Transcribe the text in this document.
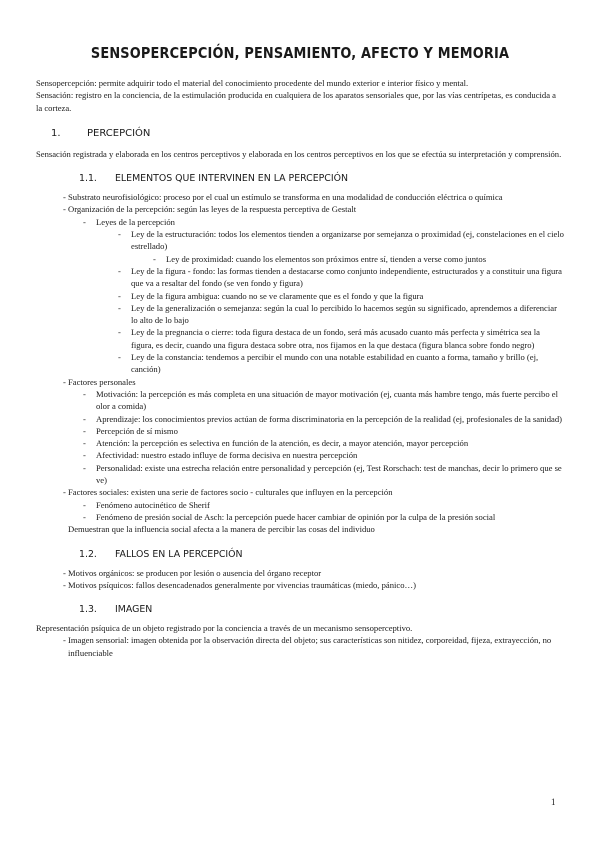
SENSOPERCEPCIÓN, PENSAMIENTO, AFECTO Y MEMORIA

Sensopercepción: permite adquirir todo el material del conocimiento procedente del mundo exterior e interior físico y mental.

Sensación: registro en la conciencia, de la estimulación producida en cualquiera de los aparatos sensoriales que, por las vías centrípetas, es conducida a la corteza.

1.	PERCEPCIÓN

Sensación registrada y elaborada en los centros perceptivos y elaborada en los centros perceptivos en los que se efectúa su interpretación y comprensión.

1.1. ELEMENTOS QUE INTERVINEN EN LA PERCEPCIÓN
- Substrato neurofisiológico: proceso por el cual un estímulo se transforma en una modalidad de conducción eléctrica o química
- Organización de la percepción: según las leyes de la respuesta perceptiva de Gestalt
- Leyes de la percepción
- Ley de la estructuración: todos los elementos tienden a organizarse por semejanza o proximidad (ej, constelaciones en el cielo estrellado)
- Ley de proximidad: cuando los elementos son próximos entre sí, tienden a verse como juntos
- Ley de la figura - fondo: las formas tienden a destacarse como conjunto independiente, estructurados y a constituir una figura que va a resaltar del fondo (se ven fondo y figura)
- Ley de la figura ambigua: cuando no se ve claramente que es el fondo y que la figura
- Ley de la generalización o semejanza: según la cual lo percibido lo hacemos según su significado, aprendemos a diferenciar lo alto de lo bajo
- Ley de la pregnancia o cierre: toda figura destaca de un fondo, será más acusado cuanto más perfecta y simétrica sea la figura, es decir, cuando una figura destaca sobre otra, nos fijamos en la que destaca (figura blanca sobre fondo negro)
- Ley de la constancia: tendemos a percibir el mundo con una notable estabilidad en cuanto a forma, tamaño y brillo (ej, canción)
- Factores personales
- Motivación: la percepción es más completa en una situación de mayor motivación (ej, cuanta más hambre tengo, más fuerte percibo el olor a comida)
- Aprendizaje: los conocimientos previos actúan de forma discriminatoria en la percepción de la realidad (ej, profesionales de la sanidad)
- Percepción de sí mismo
- Atención: la percepción es selectiva en función de la atención, es decir, a mayor atención, mayor percepción
- Afectividad: nuestro estado influye de forma decisiva en nuestra percepción
- Personalidad: existe una estrecha relación entre personalidad y percepción (ej, Test Rorschach: test de manchas, decir lo primero que se ve)
- Factores sociales: existen una serie de factores socio - culturales que influyen en la percepción
- Fenómeno autocinético de Sherif
- Fenómeno de presión social de Asch: la percepción puede hacer cambiar de opinión por la culpa de la presión social

Demuestran que la influencia social afecta a la manera de percibir las cosas del individuo

1.2. FALLOS EN LA PERCEPCIÓN
- Motivos orgánicos: se producen por lesión o ausencia del órgano receptor
- Motivos psíquicos: fallos desencadenados generalmente por vivencias traumáticas (miedo, pánico…)
1.3. IMAGEN

Representación psíquica de un objeto registrado por la conciencia a través de un mecanismo sensoperceptivo.

- Imagen sensorial: imagen obtenida por la observación directa del objeto; sus características son nitidez, corporeidad, fijeza, extrayección, no influenciable
1
